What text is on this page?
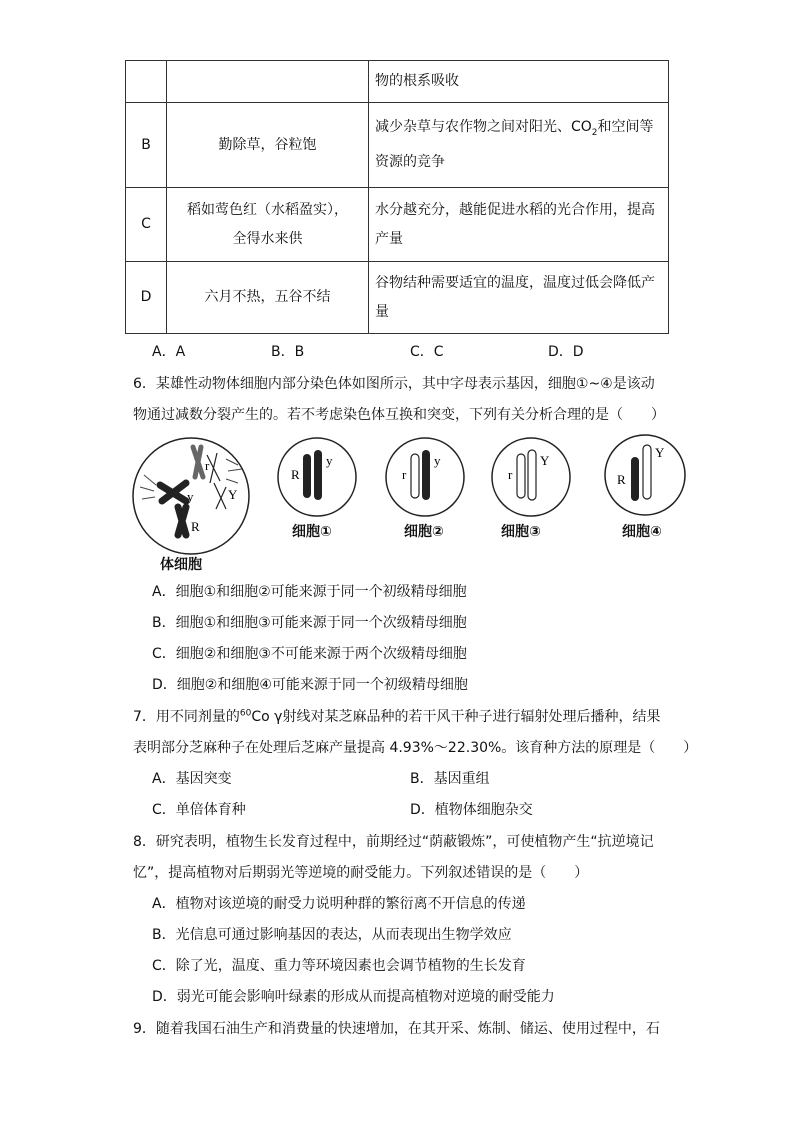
		物的根系吸收
B	勤除草，谷粒饱	减少杂草与农作物之间对阳光、$CO_2$和空间等资源的竞争
C	稻如莺色红（水稻盈实），全得水来供	水分越充分，越能促进水稻的光合作用，提高产量
D	六月不热，五谷不结	谷物结种需要适宜的温度，温度过低会降低产量
A．A	B．B	C．C	D．D
6．某雄性动物体细胞内部分染色体如图所示，其中字母表示基因，细胞①~④是该动
物通过减数分裂产生的。若不考虑染色体互换和突变，下列有关分析合理的是（　　）
r
y	Y
R
体细胞
R
y
细胞①
r
y
细胞②
r
Y
细胞③
R
Y
细胞④
A．细胞①和细胞②可能来源于同一个初级精母细胞
B．细胞①和细胞③可能来源于同一个次级精母细胞
C．细胞②和细胞③不可能来源于两个次级精母细胞
D．细胞②和细胞④可能来源于同一个初级精母细胞
7．用不同剂量的$^{60}$Co γ射线对某芝麻品种的若干风干种子进行辐射处理后播种，结果
表明部分芝麻种子在处理后芝麻产量提高 4.93%～22.30%。该育种方法的原理是（　　）
A．基因突变	B．基因重组
C．单倍体育种	D．植物体细胞杂交
8．研究表明，植物生长发育过程中，前期经过“荫蔽锻炼”，可使植物产生“抗逆境记
忆”，提高植物对后期弱光等逆境的耐受能力。下列叙述错误的是（　　）
A．植物对该逆境的耐受力说明种群的繁衍离不开信息的传递
B．光信息可通过影响基因的表达，从而表现出生物学效应
C．除了光，温度、重力等环境因素也会调节植物的生长发育
D．弱光可能会影响叶绿素的形成从而提高植物对逆境的耐受能力
9．随着我国石油生产和消费量的快速增加，在其开采、炼制、储运、使用过程中，石
